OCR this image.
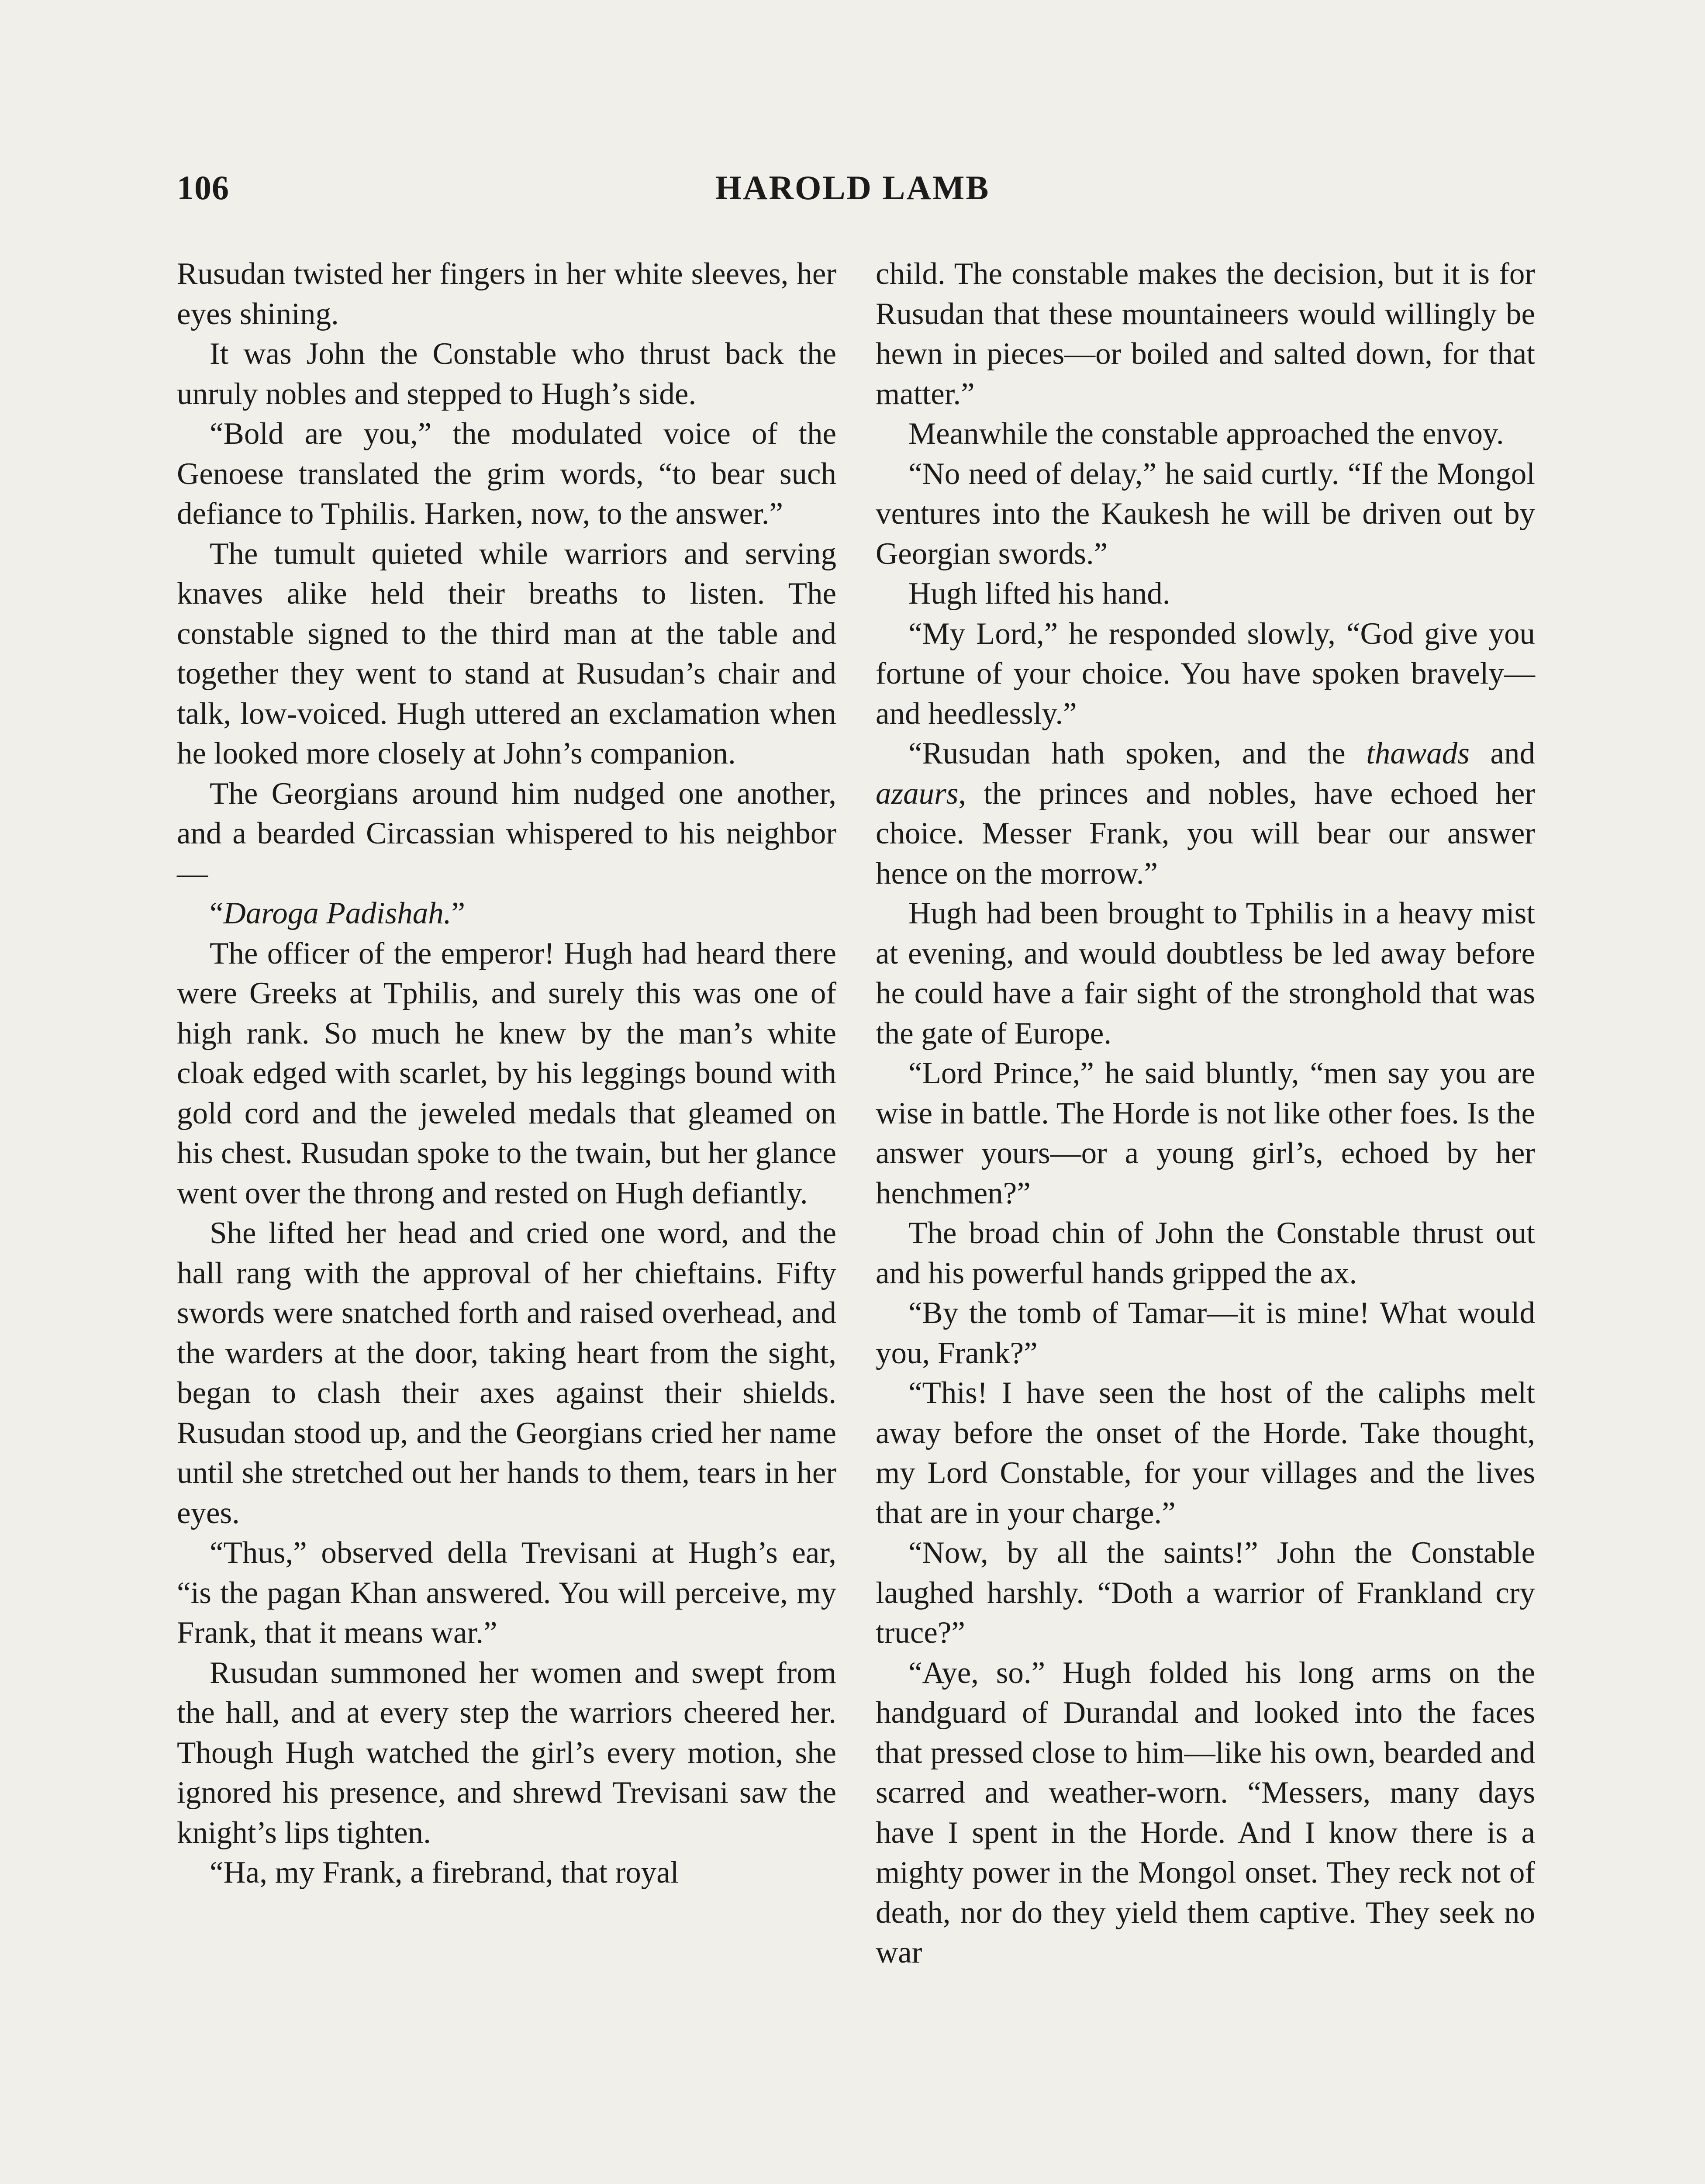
106	HAROLD LAMB

Rusudan twisted her fingers in her white sleeves, her eyes shining.

It was John the Constable who thrust back the unruly nobles and stepped to Hugh’s side.

“Bold are you,” the modulated voice of the Genoese translated the grim words, “to bear such defiance to Tphilis. Harken, now, to the answer.”

The tumult quieted while warriors and serving knaves alike held their breaths to listen. The constable signed to the third man at the table and together they went to stand at Rusudan’s chair and talk, low-voiced. Hugh uttered an exclamation when he looked more closely at John’s companion.

The Georgians around him nudged one another, and a bearded Circassian whispered to his neighbor—

“Daroga Padishah.”

The officer of the emperor! Hugh had heard there were Greeks at Tphilis, and surely this was one of high rank. So much he knew by the man’s white cloak edged with scarlet, by his leggings bound with gold cord and the jeweled medals that gleamed on his chest. Rusudan spoke to the twain, but her glance went over the throng and rested on Hugh defiantly.

She lifted her head and cried one word, and the hall rang with the approval of her chieftains. Fifty swords were snatched forth and raised overhead, and the warders at the door, taking heart from the sight, began to clash their axes against their shields. Rusudan stood up, and the Georgians cried her name until she stretched out her hands to them, tears in her eyes.

“Thus,” observed della Trevisani at Hugh’s ear, “is the pagan Khan answered. You will perceive, my Frank, that it means war.”

Rusudan summoned her women and swept from the hall, and at every step the warriors cheered her. Though Hugh watched the girl’s every motion, she ignored his presence, and shrewd Trevisani saw the knight’s lips tighten.

“Ha, my Frank, a firebrand, that royal

child. The constable makes the decision, but it is for Rusudan that these mountaineers would willingly be hewn in pieces—or boiled and salted down, for that matter.”

Meanwhile the constable approached the envoy.

“No need of delay,” he said curtly. “If the Mongol ventures into the Kaukesh he will be driven out by Georgian swords.”

Hugh lifted his hand.

“My Lord,” he responded slowly, “God give you fortune of your choice. You have spoken bravely—and heedlessly.”

“Rusudan hath spoken, and the thawads and azaurs, the princes and nobles, have echoed her choice. Messer Frank, you will bear our answer hence on the morrow.”

Hugh had been brought to Tphilis in a heavy mist at evening, and would doubtless be led away before he could have a fair sight of the stronghold that was the gate of Europe.

“Lord Prince,” he said bluntly, “men say you are wise in battle. The Horde is not like other foes. Is the answer yours—or a young girl’s, echoed by her henchmen?”

The broad chin of John the Constable thrust out and his powerful hands gripped the ax.

“By the tomb of Tamar—it is mine! What would you, Frank?”

“This! I have seen the host of the caliphs melt away before the onset of the Horde. Take thought, my Lord Constable, for your villages and the lives that are in your charge.”

“Now, by all the saints!” John the Constable laughed harshly. “Doth a warrior of Frankland cry truce?”

“Aye, so.” Hugh folded his long arms on the handguard of Durandal and looked into the faces that pressed close to him—like his own, bearded and scarred and weather-worn. “Messers, many days have I spent in the Horde. And I know there is a mighty power in the Mongol onset. They reck not of death, nor do they yield them captive. They seek no war
